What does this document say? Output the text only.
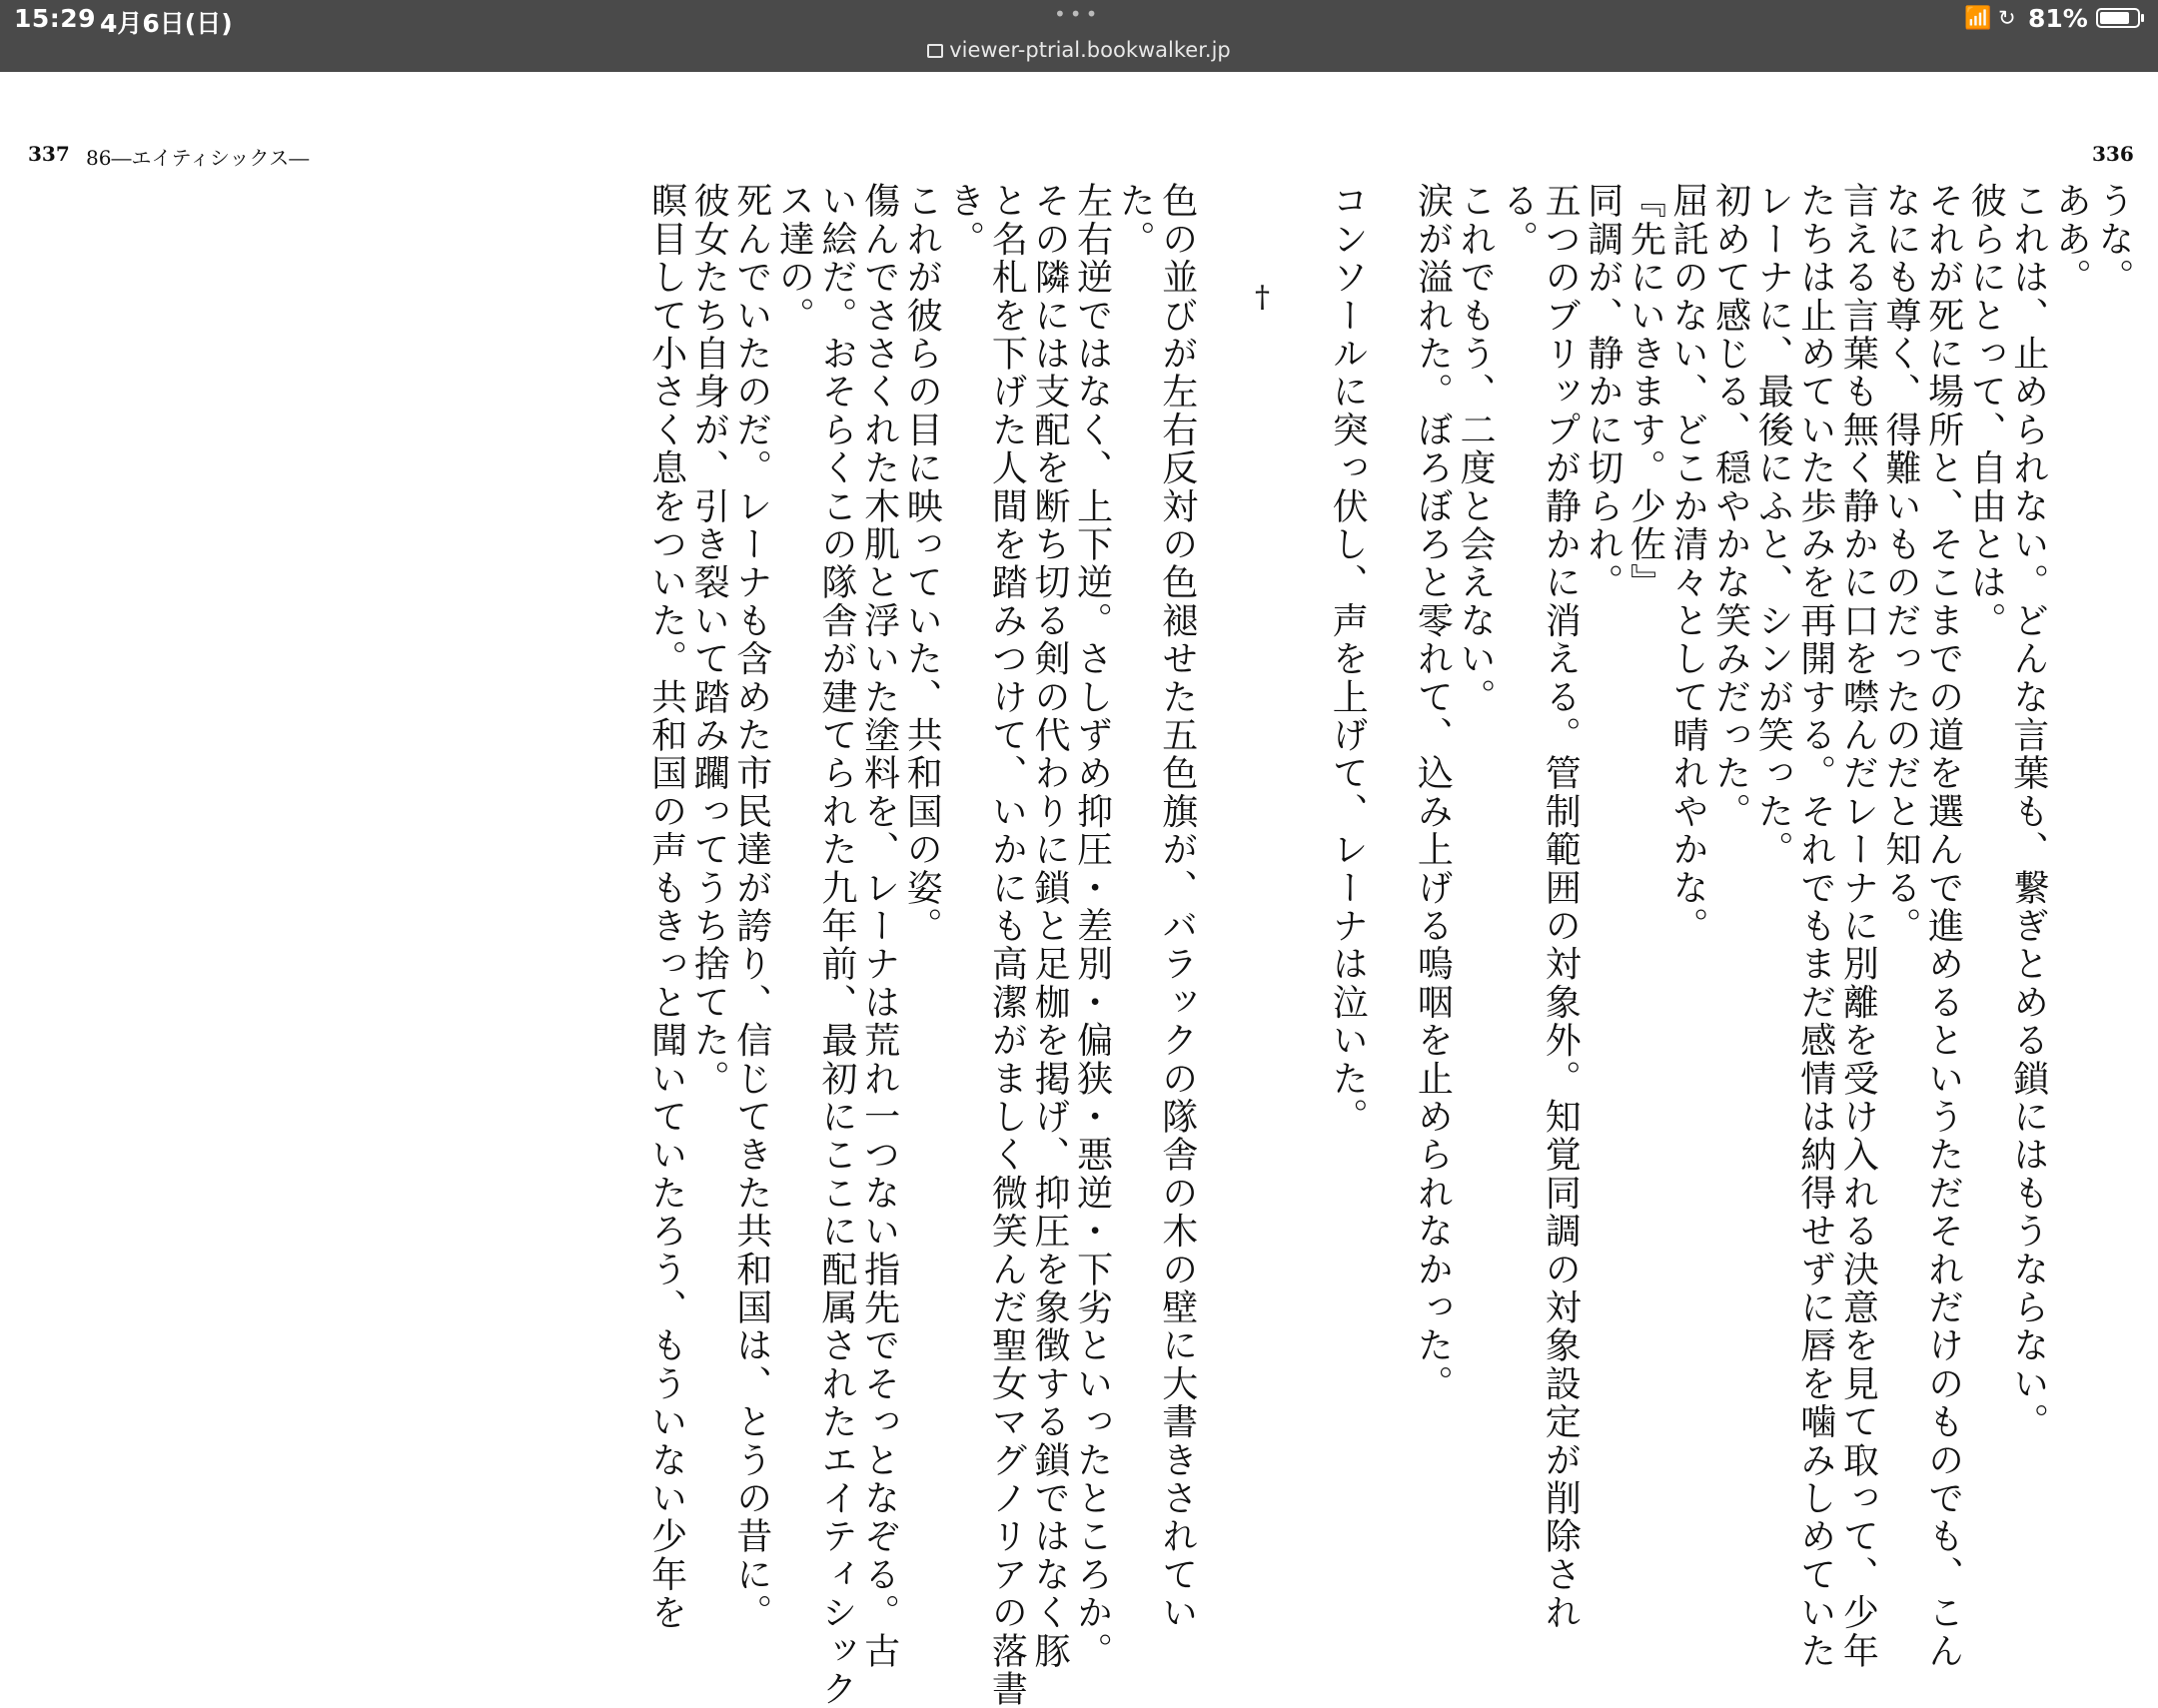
15:29 4月6日(日)	•••
viewer-ptrial.bookwalker.jp
📶 ↻ 81%
337 86―エイティシックス―	336
うな。
ああ。
これは、止められない。どんな言葉も、繋ぎとめる鎖にはもうならない。
彼らにとって、自由とは。
それが死に場所と、そこまでの道を選んで進めるというただそれだけのものでも、こん
なにも尊く、得難いものだったのだと知る。
言える言葉も無く静かに口を噤んだレーナに別離を受け入れる決意を見て取って、少年
たちは止めていた歩みを再開する。それでもまだ感情は納得せずに唇を噛みしめていた
レーナに、最後にふと、シンが笑った。
初めて感じる、穏やかな笑みだった。
屈託のない、どこか清々として晴れやかな。
『先にいきます。少佐』
同調が、静かに切られ。
五つのブリップが静かに消える。管制範囲の対象外。知覚同調の対象設定が削除され
る。
これでもう、二度と会えない。
涙が溢れた。ぼろぼろと零れて、込み上げる嗚咽を止められなかった。
コンソールに突っ伏し、声を上げて、レーナは泣いた。
†
色の並びが左右反対の色褪せた五色旗が、バラックの隊舎の木の壁に大書きされてい
た。
左右逆ではなく、上下逆。さしずめ抑圧・差別・偏狭・悪逆・下劣といったところか。
その隣には支配を断ち切る剣の代わりに鎖と足枷を掲げ、抑圧を象徴する鎖ではなく豚
と名札を下げた人間を踏みつけて、いかにも高潔がましく微笑んだ聖女マグノリアの落書
き。
これが彼らの目に映っていた、共和国の姿。
傷んでささくれた木肌と浮いた塗料を、レーナは荒れ一つない指先でそっとなぞる。古
い絵だ。おそらくこの隊舎が建てられた九年前、最初にここに配属されたエイティシック
ス達の。
死んでいたのだ。レーナも含めた市民達が誇り、信じてきた共和国は、とうの昔に。
彼女たち自身が、引き裂いて踏み躙ってうち捨てた。
瞑目して小さく息をついた。共和国の声もきっと聞いていたろう、もういない少年を
